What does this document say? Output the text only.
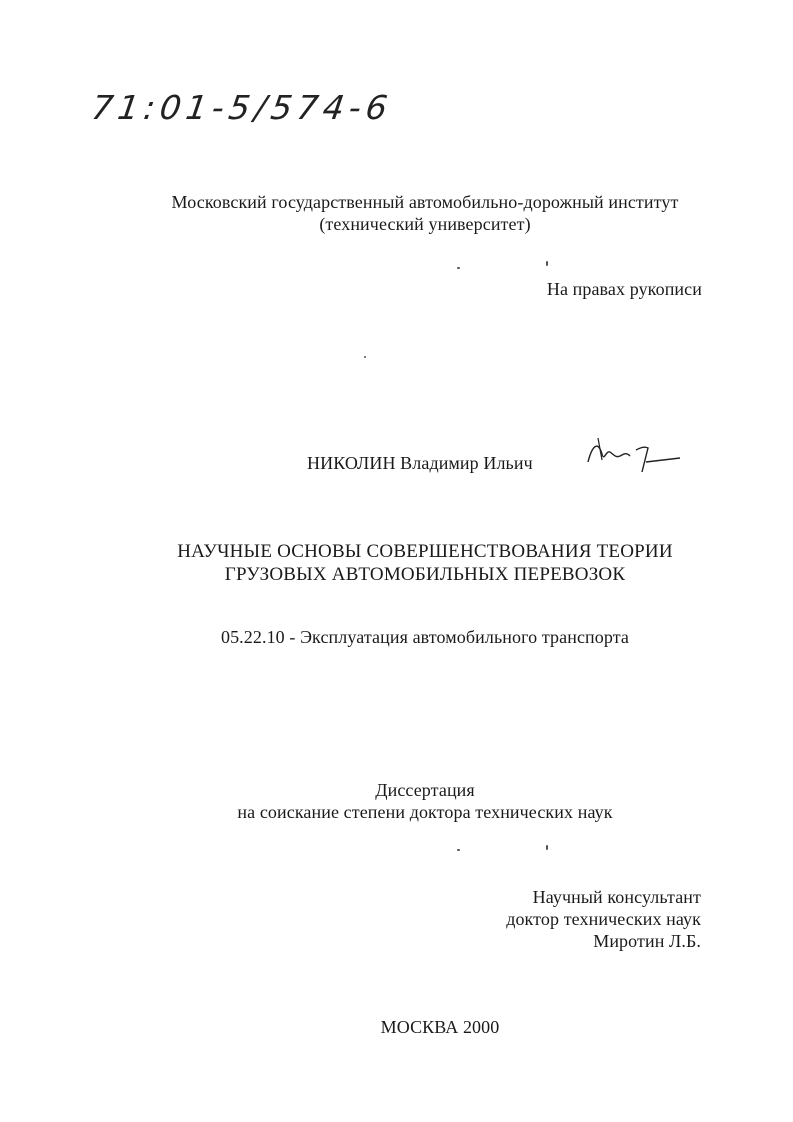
71:01-5/574-6
Московский государственный автомобильно-дорожный институт
(технический университет)
На правах рукописи
НИКОЛИН Владимир Ильич
НАУЧНЫЕ ОСНОВЫ СОВЕРШЕНСТВОВАНИЯ ТЕОРИИ
ГРУЗОВЫХ АВТОМОБИЛЬНЫХ ПЕРЕВОЗОК
05.22.10 - Эксплуатация автомобильного транспорта
Диссертация
на соискание степени доктора технических наук
Научный консультант
доктор технических наук
Миротин Л.Б.
МОСКВА 2000
